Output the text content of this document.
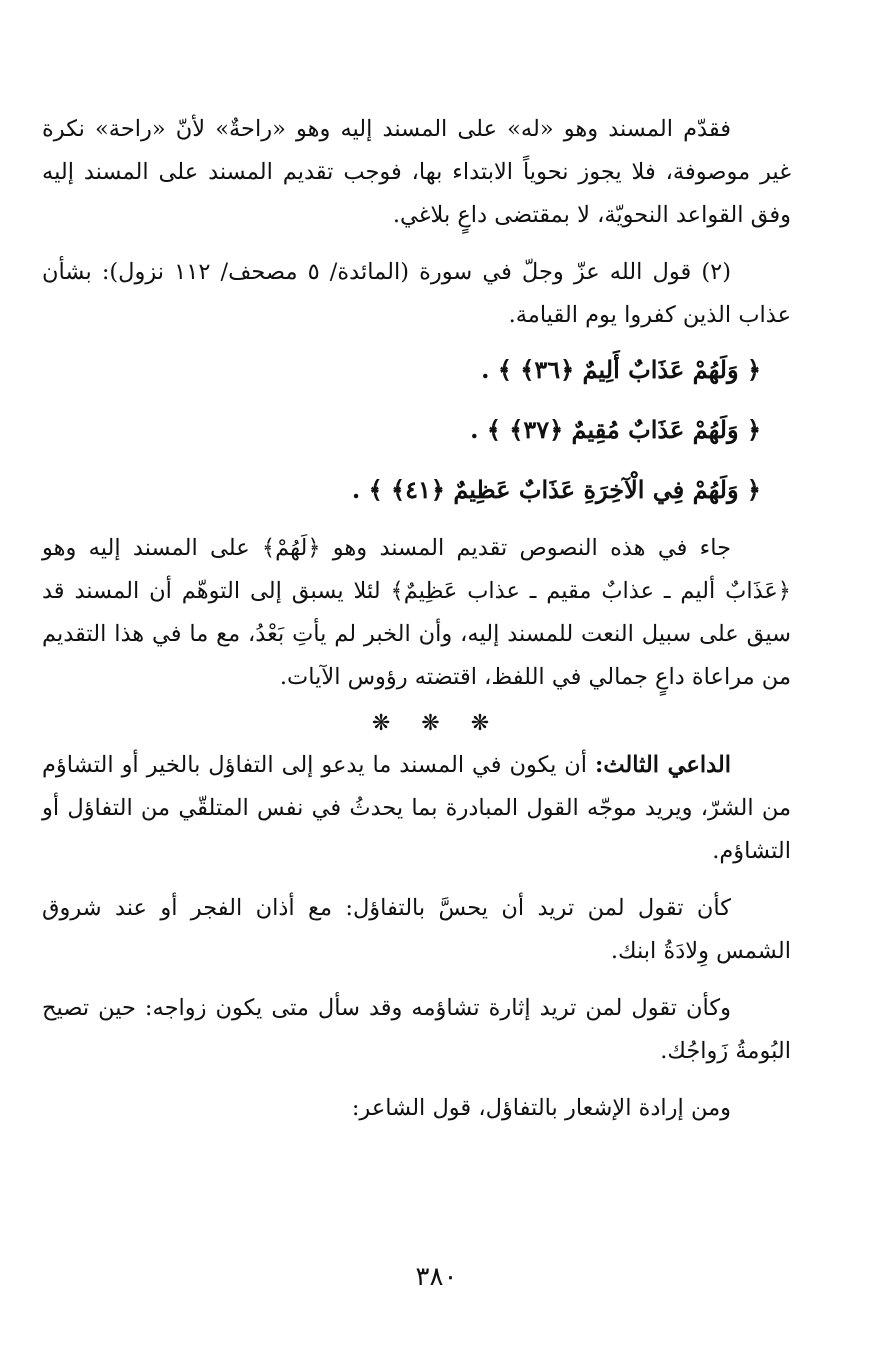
فقدّم المسند وهو «له» على المسند إليه وهو «راحةٌ» لأنّ «راحة» نكرة غير موصوفة، فلا يجوز نحوياً الابتداء بها، فوجب تقديم المسند على المسند إليه وفق القواعد النحويّة، لا بمقتضى داعٍ بلاغي.

(٢) قول الله عزّ وجلّ في سورة (المائدة/ ٥ مصحف/ ١١٢ نزول): بشأن عذاب الذين كفروا يوم القيامة.

﴿ وَلَهُمْ عَذَابٌ أَلِيمٌ ﴿٣٦﴾ ﴾ .

﴿ وَلَهُمْ عَذَابٌ مُقِيمٌ ﴿٣٧﴾ ﴾ .

﴿ وَلَهُمْ فِي الْآخِرَةِ عَذَابٌ عَظِيمٌ ﴿٤١﴾ ﴾ .

جاء في هذه النصوص تقديم المسند وهو ﴿لَهُمْ﴾ على المسند إليه وهو ﴿عَذَابٌ أليم ـ عذابٌ مقيم ـ عذاب عَظِيمٌ﴾ لئلا يسبق إلى التوهّم أن المسند قد سيق على سبيل النعت للمسند إليه، وأن الخبر لم يأتِ بَعْدُ، مع ما في هذا التقديم من مراعاة داعٍ جمالي في اللفظ، اقتضته رؤوس الآيات.

❋ ❋ ❋

الداعي الثالث: أن يكون في المسند ما يدعو إلى التفاؤل بالخير أو التشاؤم من الشرّ، ويريد موجّه القول المبادرة بما يحدثُ في نفس المتلقّي من التفاؤل أو التشاؤم.

كأن تقول لمن تريد أن يحسَّ بالتفاؤل: مع أذان الفجر أو عند شروق الشمس وِلادَةُ ابنك.

وكأن تقول لمن تريد إثارة تشاؤمه وقد سأل متى يكون زواجه: حين تصيح البُومةُ زَواجُك.

ومن إرادة الإشعار بالتفاؤل، قول الشاعر:

٣٨٠
